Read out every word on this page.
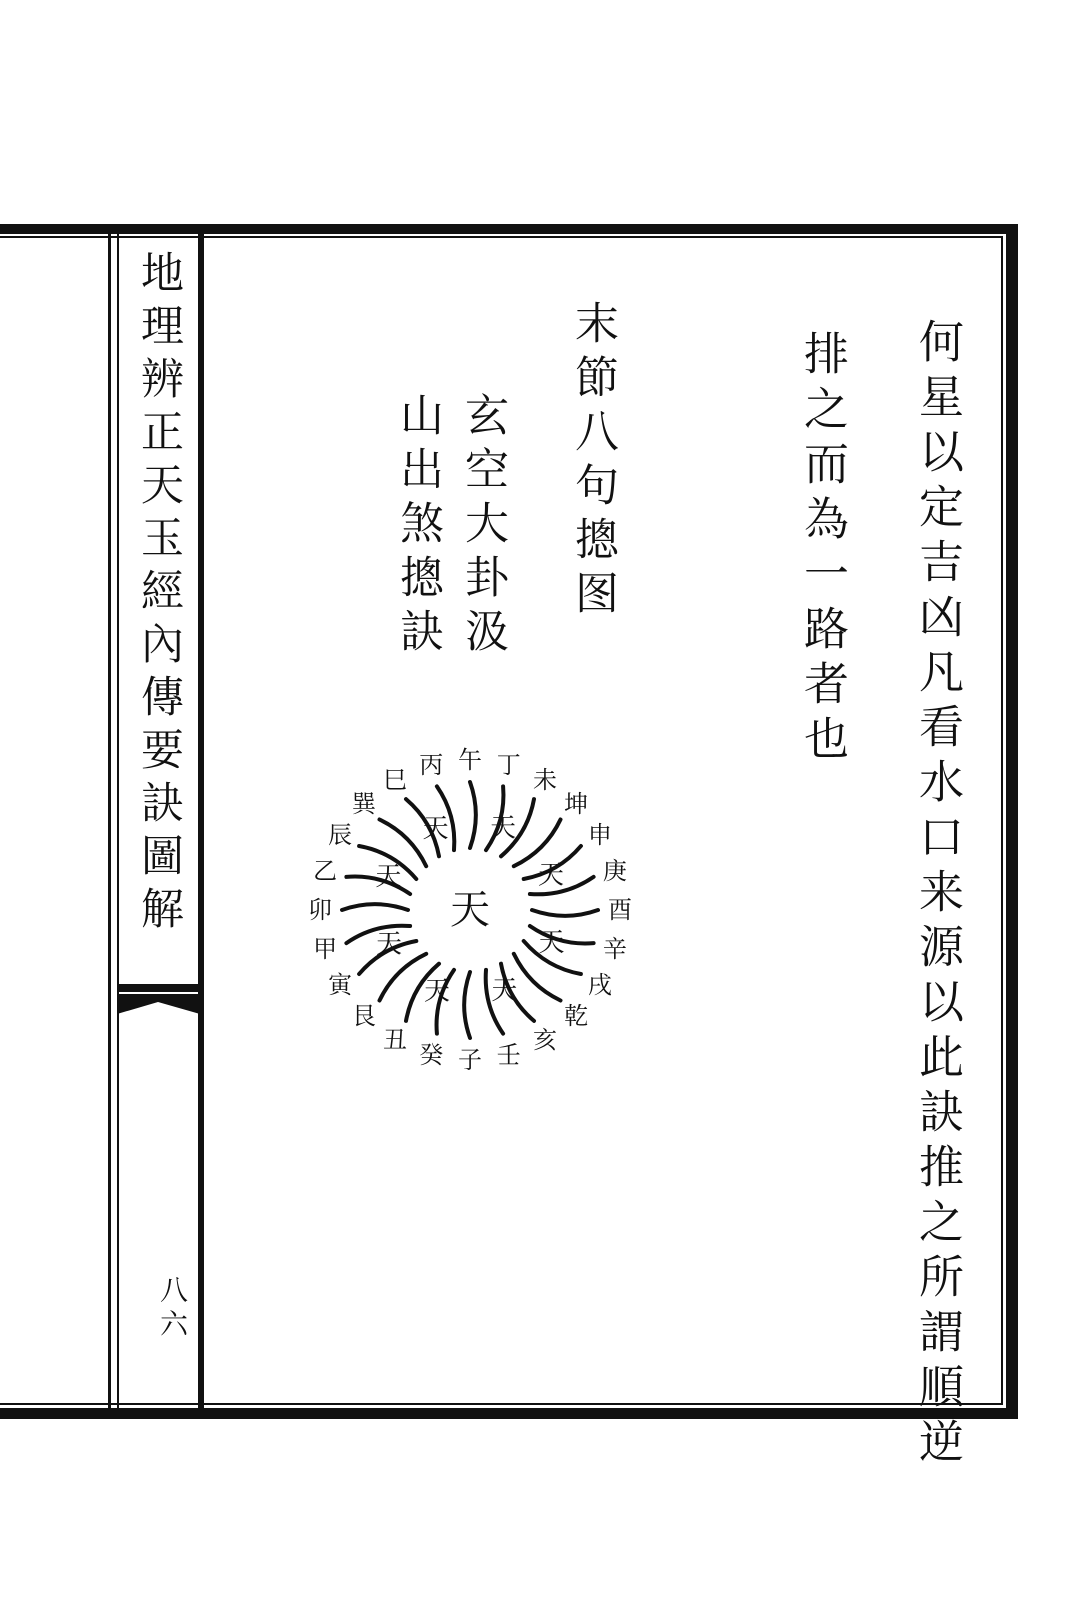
地理辨正天玉經內傳要訣圖解
八六	何星以定吉凶凡看水口来源以此訣推之所謂順逆
排之而為一路者也
末節八句摠图
玄空大卦汲
山出煞摠訣
午 丁
未
坤
申
庚
酉
辛
戌
乾
亥
壬
子
癸
丑
艮
寅
甲
卯
乙
辰
巽
巳
丙
天
天
天
天
天
天
天
天
天
